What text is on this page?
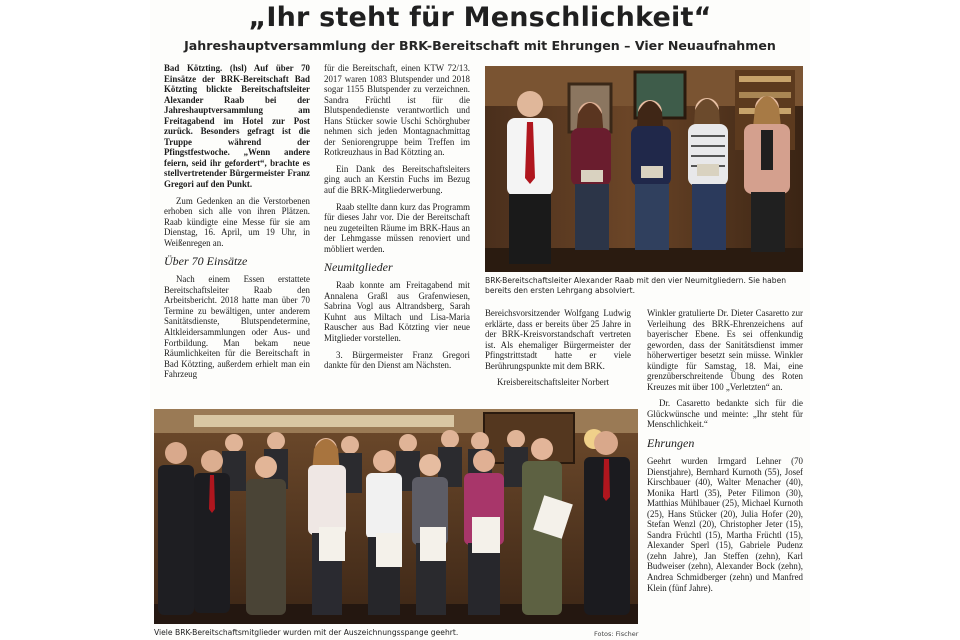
„Ihr steht für Menschlichkeit“
Jahreshauptversammlung der BRK-Bereitschaft mit Ehrungen – Vier Neuaufnahmen

Bad Kötzting. (hsl) Auf über 70 Einsätze der BRK-Bereitschaft Bad Kötzting blickte Bereitschaftsleiter Alexander Raab bei der Jahreshauptversammlung am Freitagabend im Hotel zur Post zurück. Besonders gefragt ist die Truppe während der Pfingstfestwoche. „Wenn andere feiern, seid ihr gefordert“, brachte es stellvertretender Bürgermeister Franz Gregori auf den Punkt.

Zum Gedenken an die Verstorbenen erhoben sich alle von ihren Plätzen. Raab kündigte eine Messe für sie am Dienstag, 16. April, um 19 Uhr, in Weißenregen an.

Über 70 Einsätze

Nach einem Essen erstattete Bereitschaftsleiter Raab den Arbeitsbericht. 2018 hatte man über 70 Termine zu bewältigen, unter anderem Sanitätsdienste, Blutspendetermine, Altkleidersammlungen oder Aus- und Fortbildung. Man bekam neue Räumlichkeiten für die Bereitschaft in Bad Kötzting, außerdem erhielt man ein Fahrzeug

für die Bereitschaft, einen KTW 72/13. 2017 waren 1083 Blutspender und 2018 sogar 1155 Blutspender zu verzeichnen. Sandra Früchtl ist für die Blutspendedienste verantwortlich und Hans Stücker sowie Uschi Schörghuber nehmen sich jeden Montagnachmittag der Seniorengruppe beim Treffen im Rotkreuzhaus in Bad Kötzting an.

Ein Dank des Bereitschaftsleiters ging auch an Kerstin Fuchs im Bezug auf die BRK-Mitgliederwerbung.

Raab stellte dann kurz das Programm für dieses Jahr vor. Die der Bereitschaft neu zugeteilten Räume im BRK-Haus an der Lehmgasse müssen renoviert und möbliert werden.

Neumitglieder

Raab konnte am Freitagabend mit Annalena Graßl aus Grafenwiesen, Sabrina Vogl aus Altrandsberg, Sarah Kuhnt aus Miltach und Lisa-Maria Rauscher aus Bad Kötzting vier neue Mitglieder vorstellen.

3. Bürgermeister Franz Gregori dankte für den Dienst am Nächsten.

Bereichsvorsitzender Wolfgang Ludwig erklärte, dass er bereits über 25 Jahre in der BRK-Kreisvorstandschaft vertreten ist. Als ehemaliger Bürgermeister der Pfingstrittstadt hatte er viele Berührungspunkte mit dem BRK.

Kreisbereitschaftsleiter Norbert

Winkler gratulierte Dr. Dieter Casaretto zur Verleihung des BRK-Ehrenzeichens auf bayerischer Ebene. Es sei offenkundig geworden, dass der Sanitätsdienst immer höherwertiger besetzt sein müsse. Winkler kündigte für Samstag, 18. Mai, eine grenzüberschreitende Übung des Roten Kreuzes mit über 100 „Verletzten“ an.

Dr. Casaretto bedankte sich für die Glückwünsche und meinte: „Ihr steht für Menschlichkeit.“

Ehrungen

Geehrt wurden Irmgard Lehner (70 Dienstjahre), Bernhard Kurnoth (55), Josef Kirschbauer (40), Walter Menacher (40), Monika Hartl (35), Peter Filimon (30), Matthias Mühlbauer (25), Michael Kurnoth (25), Hans Stücker (20), Julia Hofer (20), Stefan Wenzl (20), Christopher Jeter (15), Sandra Früchtl (15), Martha Früchtl (15), Alexander Sperl (15), Gabriele Pudenz (zehn Jahre), Jan Steffen (zehn), Karl Budweiser (zehn), Alexander Bock (zehn), Andrea Schmidberger (zehn) und Manfred Klein (fünf Jahre).

BRK-Bereitschaftsleiter Alexander Raab mit den vier Neumitgliedern. Sie haben bereits den ersten Lehrgang absolviert.
Viele BRK-Bereitschaftsmitglieder wurden mit der Auszeichnungsspange geehrt.	Fotos: Fischer
